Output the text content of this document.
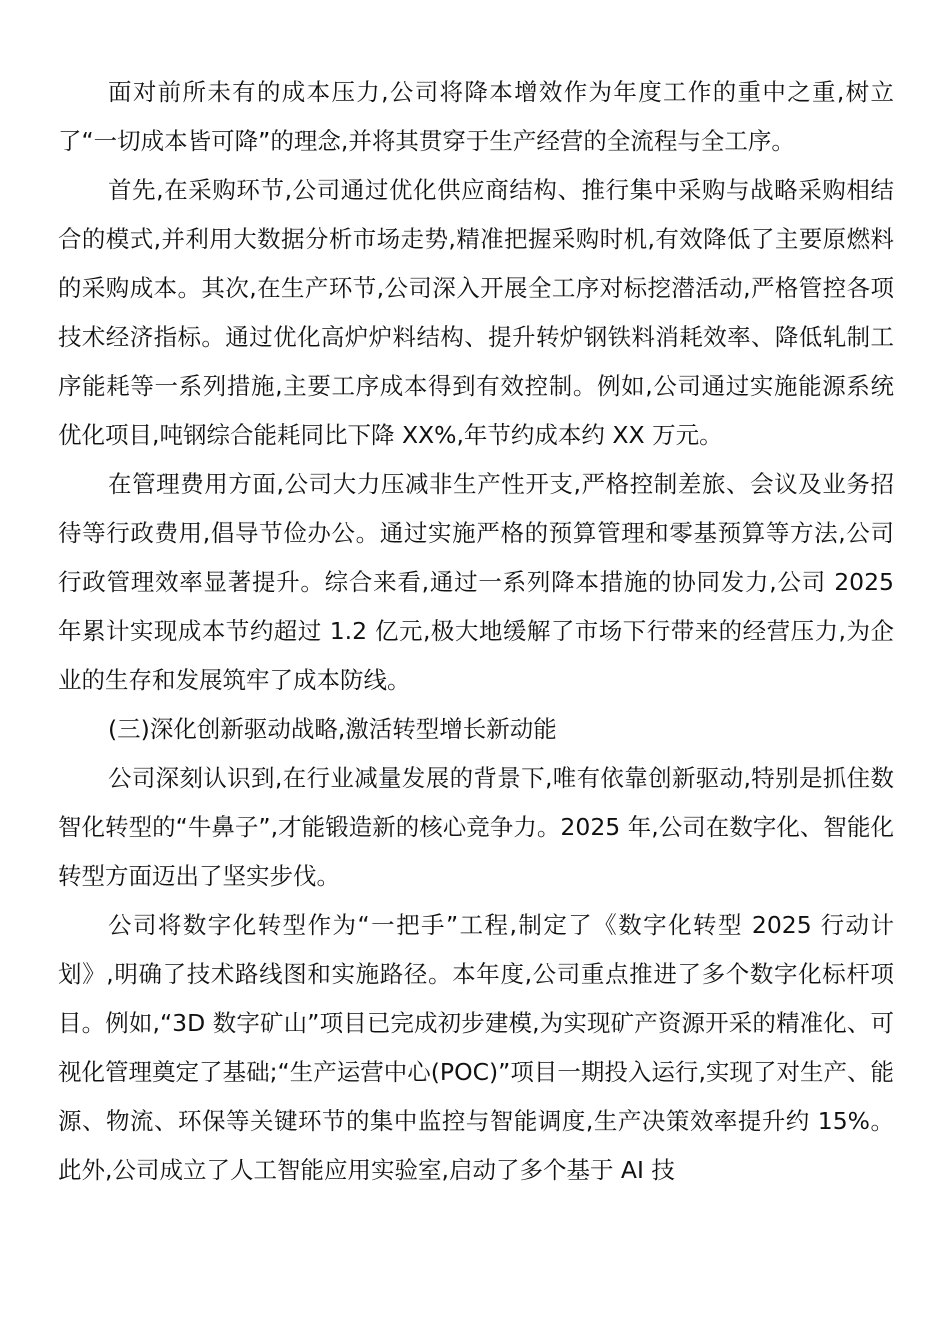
面对前所未有的成本压力,公司将降本增效作为年度工作的重中之重,树立了“一切成本皆可降”的理念,并将其贯穿于生产经营的全流程与全工序。

首先,在采购环节,公司通过优化供应商结构、推行集中采购与战略采购相结合的模式,并利用大数据分析市场走势,精准把握采购时机,有效降低了主要原燃料的采购成本。其次,在生产环节,公司深入开展全工序对标挖潜活动,严格管控各项技术经济指标。通过优化高炉炉料结构、提升转炉钢铁料消耗效率、降低轧制工序能耗等一系列措施,主要工序成本得到有效控制。例如,公司通过实施能源系统优化项目,吨钢综合能耗同比下降 XX%,年节约成本约 XX 万元。

在管理费用方面,公司大力压减非生产性开支,严格控制差旅、会议及业务招待等行政费用,倡导节俭办公。通过实施严格的预算管理和零基预算等方法,公司行政管理效率显著提升。综合来看,通过一系列降本措施的协同发力,公司 2025 年累计实现成本节约超过 1.2 亿元,极大地缓解了市场下行带来的经营压力,为企业的生存和发展筑牢了成本防线。

(三)深化创新驱动战略,激活转型增长新动能

公司深刻认识到,在行业减量发展的背景下,唯有依靠创新驱动,特别是抓住数智化转型的“牛鼻子”,才能锻造新的核心竞争力。2025 年,公司在数字化、智能化转型方面迈出了坚实步伐。

公司将数字化转型作为“一把手”工程,制定了《数字化转型 2025 行动计划》,明确了技术路线图和实施路径。本年度,公司重点推进了多个数字化标杆项目。例如,“3D 数字矿山”项目已完成初步建模,为实现矿产资源开采的精准化、可视化管理奠定了基础;“生产运营中心(POC)”项目一期投入运行,实现了对生产、能源、物流、环保等关键环节的集中监控与智能调度,生产决策效率提升约 15%。此外,公司成立了人工智能应用实验室,启动了多个基于 AI 技
